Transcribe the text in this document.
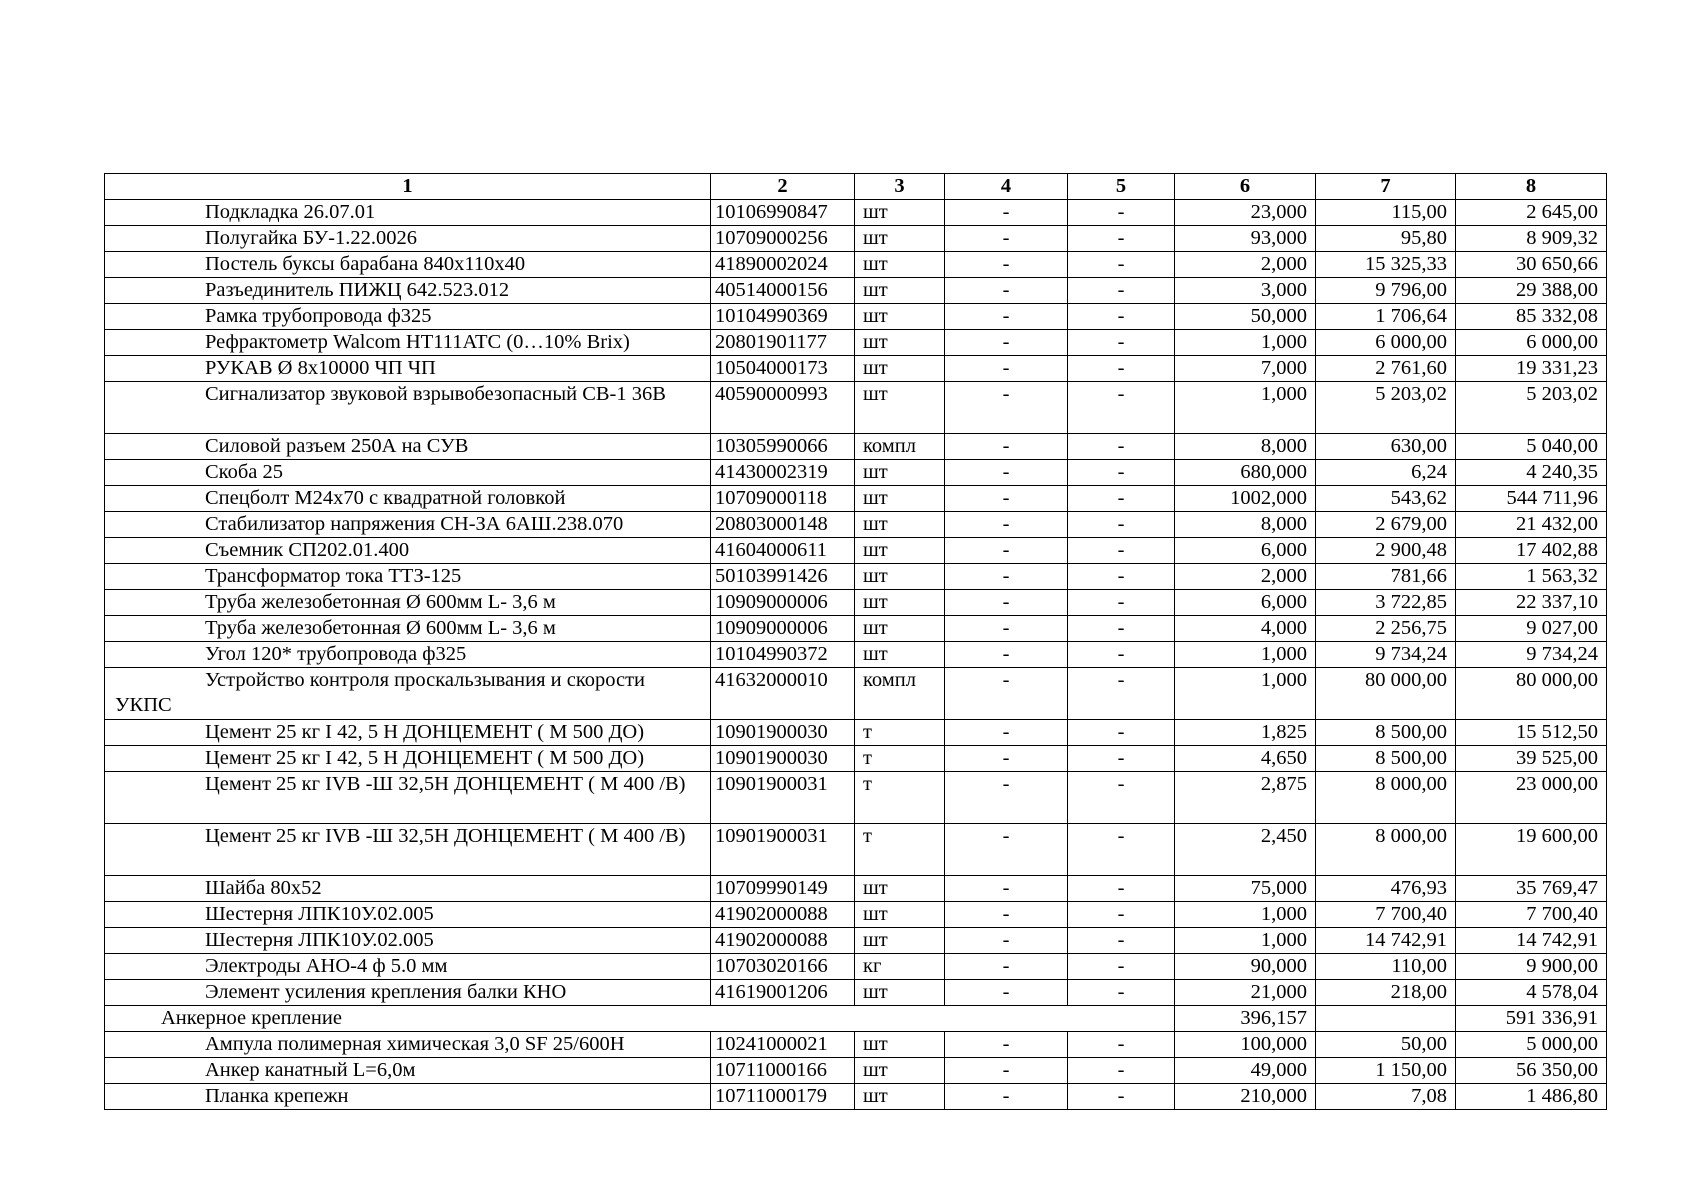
1	2	3	4	5	6	7	8
Подкладка 26.07.01	10106990847	шт	-	-	23,000	115,00	2 645,00
Полугайка БУ-1.22.0026	10709000256	шт	-	-	93,000	95,80	8 909,32
Постель буксы барабана 840х110х40	41890002024	шт	-	-	2,000	15 325,33	30 650,66
Разъединитель ПИЖЦ 642.523.012	40514000156	шт	-	-	3,000	9 796,00	29 388,00
Рамка трубопровода ф325	10104990369	шт	-	-	50,000	1 706,64	85 332,08
Рефрактометр Walcom HT111ATC (0…10% Brix)	20801901177	шт	-	-	1,000	6 000,00	6 000,00
РУКАВ Ø 8х10000 ЧП ЧП	10504000173	шт	-	-	7,000	2 761,60	19 331,23
Сигнализатор звуковой взрывобезопасный СВ-1 36В	40590000993	шт	-	-	1,000	5 203,02	5 203,02
Силовой разъем 250А на СУВ	10305990066	компл	-	-	8,000	630,00	5 040,00
Скоба 25	41430002319	шт	-	-	680,000	6,24	4 240,35
Спецболт М24х70 с квадратной головкой	10709000118	шт	-	-	1002,000	543,62	544 711,96
Стабилизатор напряжения СН-ЗА 6АШ.238.070	20803000148	шт	-	-	8,000	2 679,00	21 432,00
Съемник СП202.01.400	41604000611	шт	-	-	6,000	2 900,48	17 402,88
Трансформатор тока ТТЗ-125	50103991426	шт	-	-	2,000	781,66	1 563,32
Труба железобетонная Ø 600мм L- 3,6 м	10909000006	шт	-	-	6,000	3 722,85	22 337,10
Труба железобетонная Ø 600мм L- 3,6 м	10909000006	шт	-	-	4,000	2 256,75	9 027,00
Угол 120* трубопровода ф325	10104990372	шт	-	-	1,000	9 734,24	9 734,24
Устройство контроля проскальзывания и скорости УКПС	41632000010	компл	-	-	1,000	80 000,00	80 000,00
Цемент 25 кг I 42, 5 Н ДОНЦЕМЕНТ ( М 500 ДО)	10901900030	т	-	-	1,825	8 500,00	15 512,50
Цемент 25 кг I 42, 5 Н ДОНЦЕМЕНТ ( М 500 ДО)	10901900030	т	-	-	4,650	8 500,00	39 525,00
Цемент 25 кг IVB -Ш 32,5Н ДОНЦЕМЕНТ ( М 400 /В)	10901900031	т	-	-	2,875	8 000,00	23 000,00
Цемент 25 кг IVB -Ш 32,5Н ДОНЦЕМЕНТ ( М 400 /В)	10901900031	т	-	-	2,450	8 000,00	19 600,00
Шайба 80х52	10709990149	шт	-	-	75,000	476,93	35 769,47
Шестерня ЛПК10У.02.005	41902000088	шт	-	-	1,000	7 700,40	7 700,40
Шестерня ЛПК10У.02.005	41902000088	шт	-	-	1,000	14 742,91	14 742,91
Электроды АНО-4 ф 5.0 мм	10703020166	кг	-	-	90,000	110,00	9 900,00
Элемент усиления крепления балки КНО	41619001206	шт	-	-	21,000	218,00	4 578,04
Анкерное крепление					396,157		591 336,91
Ампула полимерная химическая 3,0 SF 25/600Н	10241000021	шт	-	-	100,000	50,00	5 000,00
Анкер канатный L=6,0м	10711000166	шт	-	-	49,000	1 150,00	56 350,00
Планка крепежн	10711000179	шт	-	-	210,000	7,08	1 486,80
